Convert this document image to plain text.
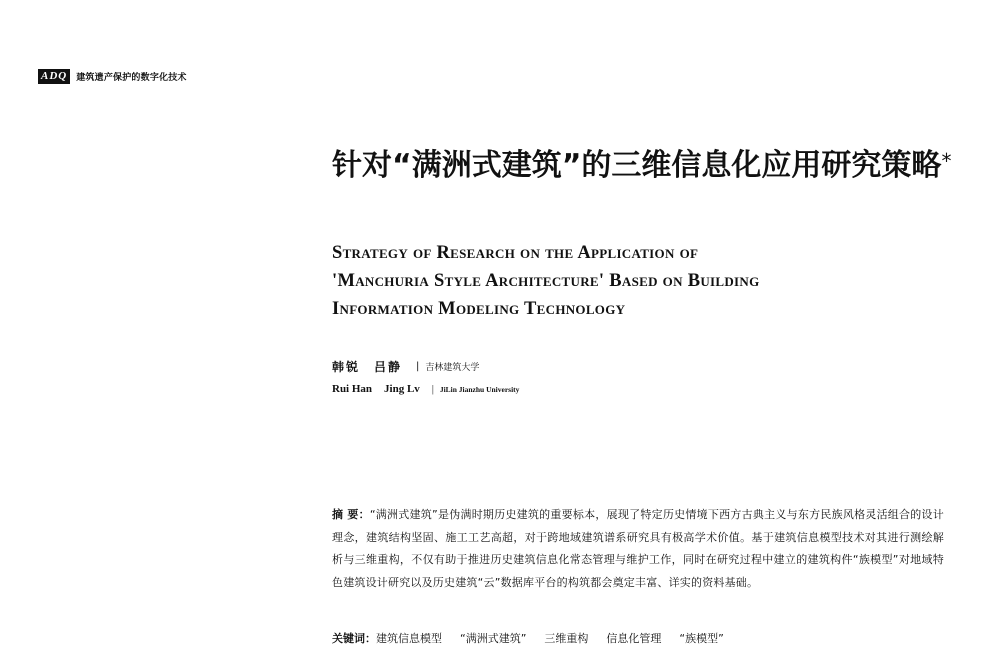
ADQ	建筑遗产保护的数字化技术
针对“满洲式建筑”的三维信息化应用研究策略*
Strategy of Research on the Application of
'Manchuria Style Architecture' Based on Building
Information Modeling Technology
韩锐 吕静 | 吉林建筑大学
Rui Han Jing Lv | JiLin Jianzhu University

摘 要：“满洲式建筑”是伪满时期历史建筑的重要标本，展现了特定历史情境下西方古典主义与东方民族风格灵活组合的设计理念，建筑结构坚固、施工工艺高超，对于跨地域建筑谱系研究具有极高学术价值。基于建筑信息模型技术对其进行测绘解析与三维重构，不仅有助于推进历史建筑信息化常态管理与维护工作，同时在研究过程中建立的建筑构件“族模型”对地域特色建筑设计研究以及历史建筑“云”数据库平台的构筑都会奠定丰富、详实的资料基础。

关键词： 建筑信息模型 “满洲式建筑” 三维重构 信息化管理 “族模型”
